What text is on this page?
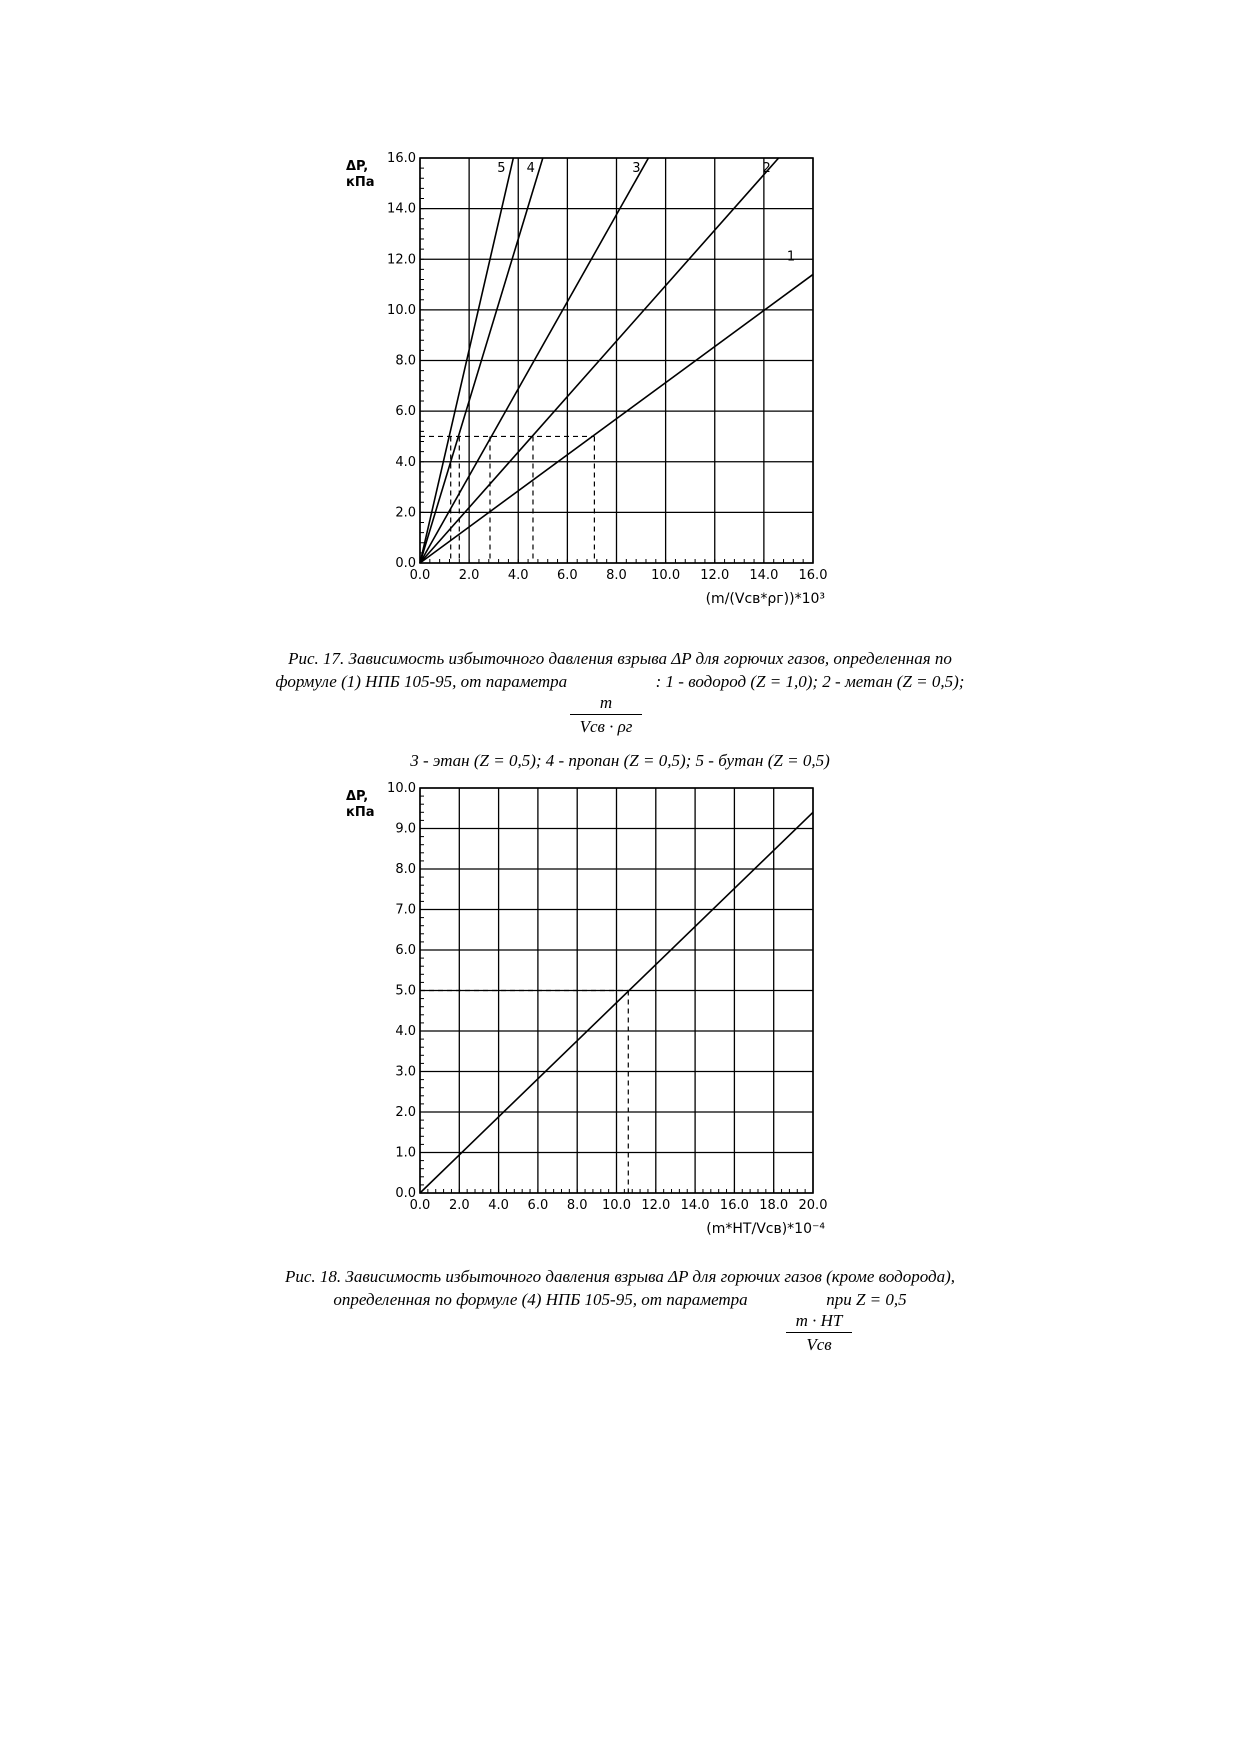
0.0 2.0 4.0 6.0 8.0 10.0 12.0 14.0 16.0
0.0
2.0
4.0
6.0
8.0
10.0
12.0
14.0
16.0
1
2
3
4
5
ΔP,
кПа
(m/(Vсв*ρг))*10³
Рис. 17. Зависимость избыточного давления взрыва ΔP для горючих газов, определенная по
формуле (1) НПБ 105-95, от параметра	: 1 - водород (Z = 1,0); 2 - метан (Z = 0,5);
m
Vсв · ρг
3 - этан (Z = 0,5); 4 - пропан (Z = 0,5); 5 - бутан (Z = 0,5)
0.0 2.0 4.0 6.0 8.0 10.0 12.0 14.0 16.0 18.0 20.0
0.0
1.0
2.0
3.0
4.0
5.0
6.0
7.0
8.0
9.0
10.0
ΔP,
кПа
(m*HT/Vсв)*10⁻⁴
Рис. 18. Зависимость избыточного давления взрыва ΔP для горючих газов (кроме водорода),
определенная по формуле (4) НПБ 105-95, от параметра	при Z = 0,5
m · HT
Vсв
